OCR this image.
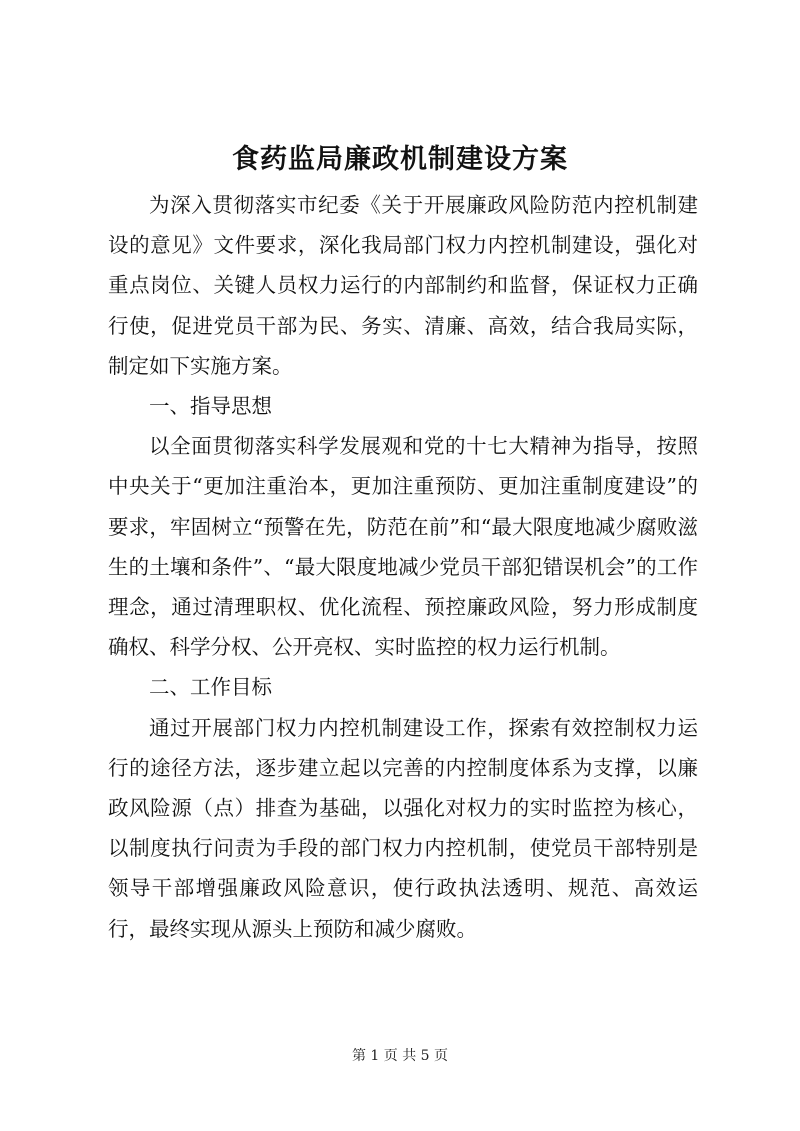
食药监局廉政机制建设方案

为深入贯彻落实市纪委《关于开展廉政风险防范内控机制建设的意见》文件要求，深化我局部门权力内控机制建设，强化对重点岗位、关键人员权力运行的内部制约和监督，保证权力正确行使，促进党员干部为民、务实、清廉、高效，结合我局实际，制定如下实施方案。

一、指导思想

以全面贯彻落实科学发展观和党的十七大精神为指导，按照中央关于“更加注重治本，更加注重预防、更加注重制度建设”的要求，牢固树立“预警在先，防范在前”和“最大限度地减少腐败滋生的土壤和条件”、“最大限度地减少党员干部犯错误机会”的工作理念，通过清理职权、优化流程、预控廉政风险，努力形成制度确权、科学分权、公开亮权、实时监控的权力运行机制。

二、工作目标

通过开展部门权力内控机制建设工作，探索有效控制权力运行的途径方法，逐步建立起以完善的内控制度体系为支撑，以廉政风险源（点）排查为基础，以强化对权力的实时监控为核心，以制度执行问责为手段的部门权力内控机制，使党员干部特别是领导干部增强廉政风险意识，使行政执法透明、规范、高效运行，最终实现从源头上预防和减少腐败。

第 1 页 共 5 页
